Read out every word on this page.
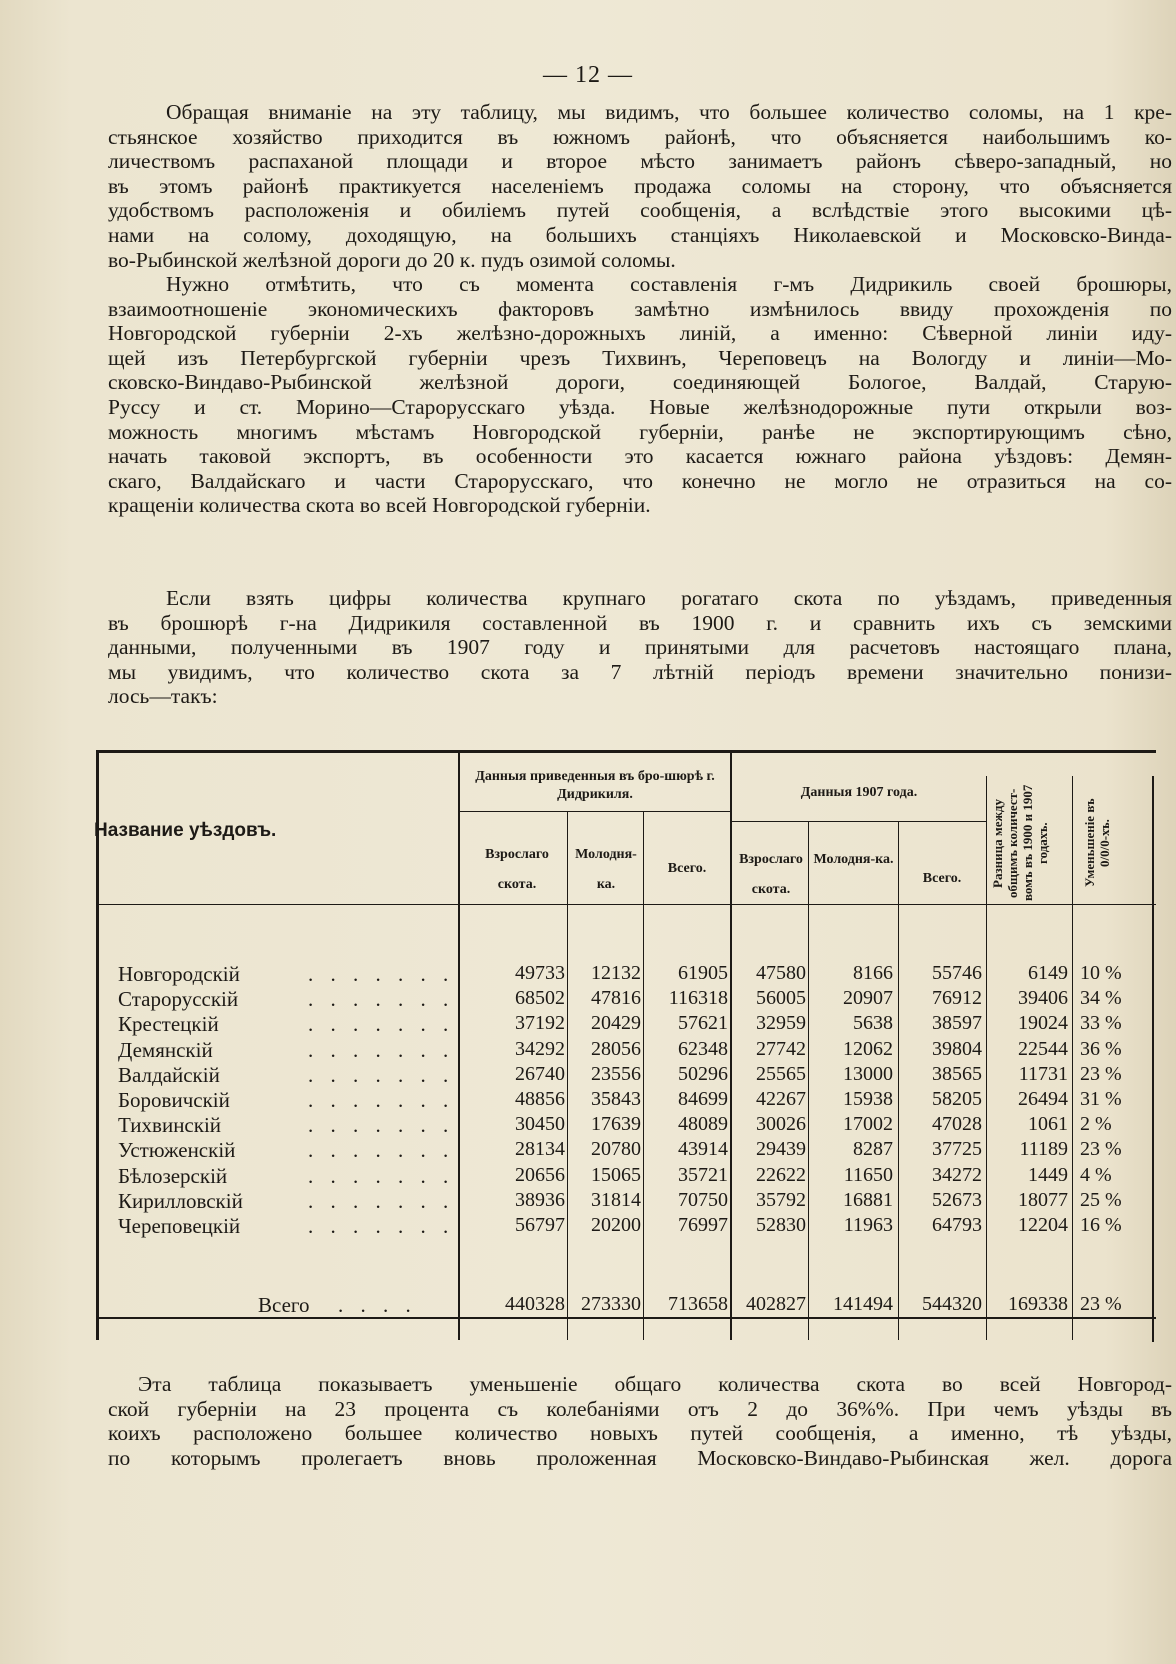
— 12 —
Обращая вниманіе на эту таблицу, мы видимъ, что большее количество соломы, на 1 кре-
стьянское хозяйство приходится въ южномъ районѣ, что объясняется наибольшимъ ко-
личествомъ распаханой площади и второе мѣсто занимаетъ районъ сѣверо-западный, но
въ этомъ районѣ практикуется населеніемъ продажа соломы на сторону, что объясняется
удобствомъ расположенія и обиліемъ путей сообщенія, а вслѣдствіе этого высокими цѣ-
нами на солому, доходящую, на большихъ станціяхъ Николаевской и Московско-Винда-
во-Рыбинской желѣзной дороги до 20 к. пудъ озимой соломы.
Нужно отмѣтить, что съ момента составленія г-мъ Дидрикиль своей брошюры,
взаимоотношеніе экономическихъ факторовъ замѣтно измѣнилось ввиду прохожденія по
Новгородской губерніи 2-хъ желѣзно-дорожныхъ линій, а именно: Сѣверной линіи иду-
щей изъ Петербургской губерніи чрезъ Тихвинъ, Череповецъ на Вологду и линіи—Мо-
сковско-Виндаво-Рыбинской желѣзной дороги, соединяющей Бологое, Валдай, Старую-
Руссу и ст. Морино—Старорусскаго уѣзда. Новые желѣзнодорожные пути открыли воз-
можность многимъ мѣстамъ Новгородской губерніи, ранѣе не экспортирующимъ сѣно,
начать таковой экспортъ, въ особенности это касается южнаго района уѣздовъ: Демян-
скаго, Валдайскаго и части Старорусскаго, что конечно не могло не отразиться на со-
кращеніи количества скота во всей Новгородской губерніи.
Если взять цифры количества крупнаго рогатаго скота по уѣздамъ, приведенныя
въ брошюрѣ г-на Дидрикиля составленной въ 1900 г. и сравнить ихъ съ земскими
данными, полученными въ 1907 году и принятыми для расчетовъ настоящаго плана,
мы увидимъ, что количество скота за 7 лѣтній періодъ времени значительно понизи-
лось—такъ:
Название уѣздовъ.
Данныя приведенныя въ бро-шюрѣ г. Дидрикиля.	Данныя 1907 года.
Взрослаго скота.
Молодня-ка.
Всего.
Взрослаго скота.
Молодня-ка.
Всего.	Разница между общимъ количест-вомъ въ 1900 и 1907 годахъ.	Уменьшеніе въ 0/0/0-хъ.
Новгородскій	. . . . . . .	49733 12132 61905 47580 8166 55746 6149 10 %
Старорусскій	. . . . . . .	68502 47816 116318 56005 20907 76912 39406 34 %
Крестецкій	. . . . . . .	37192 20429 57621 32959 5638 38597 19024 33 %
Демянскій	. . . . . . .	34292 28056 62348 27742 12062 39804 22544 36 %
Валдайскій	. . . . . . .	26740 23556 50296 25565 13000 38565 11731 23 %
Боровичскій	. . . . . . .	48856 35843 84699 42267 15938 58205 26494 31 %
Тихвинскій	. . . . . . .	30450 17639 48089 30026 17002 47028 1061 2 %
Устюженскій	. . . . . . .	28134 20780 43914 29439 8287 37725 11189 23 %
Бѣлозерскій	. . . . . . .	20656 15065 35721 22622 11650 34272 1449 4 %
Кирилловскій	. . . . . . .	38936 31814 70750 35792 16881 52673 18077 25 %
Череповецкій	. . . . . . .	56797 20200 76997 52830 11963 64793 12204 16 %
Всего . . . .	440328 273330 713658 402827 141494 544320 169338 23 %
Эта таблица показываетъ уменьшеніе общаго количества скота во всей Новгород-
ской губерніи на 23 процента съ колебаніями отъ 2 до 36%%. При чемъ уѣзды въ
коихъ расположено большее количество новыхъ путей сообщенія, а именно, тѣ уѣзды,
по которымъ пролегаетъ вновь проложенная Московско-Виндаво-Рыбинская жел. дорога
